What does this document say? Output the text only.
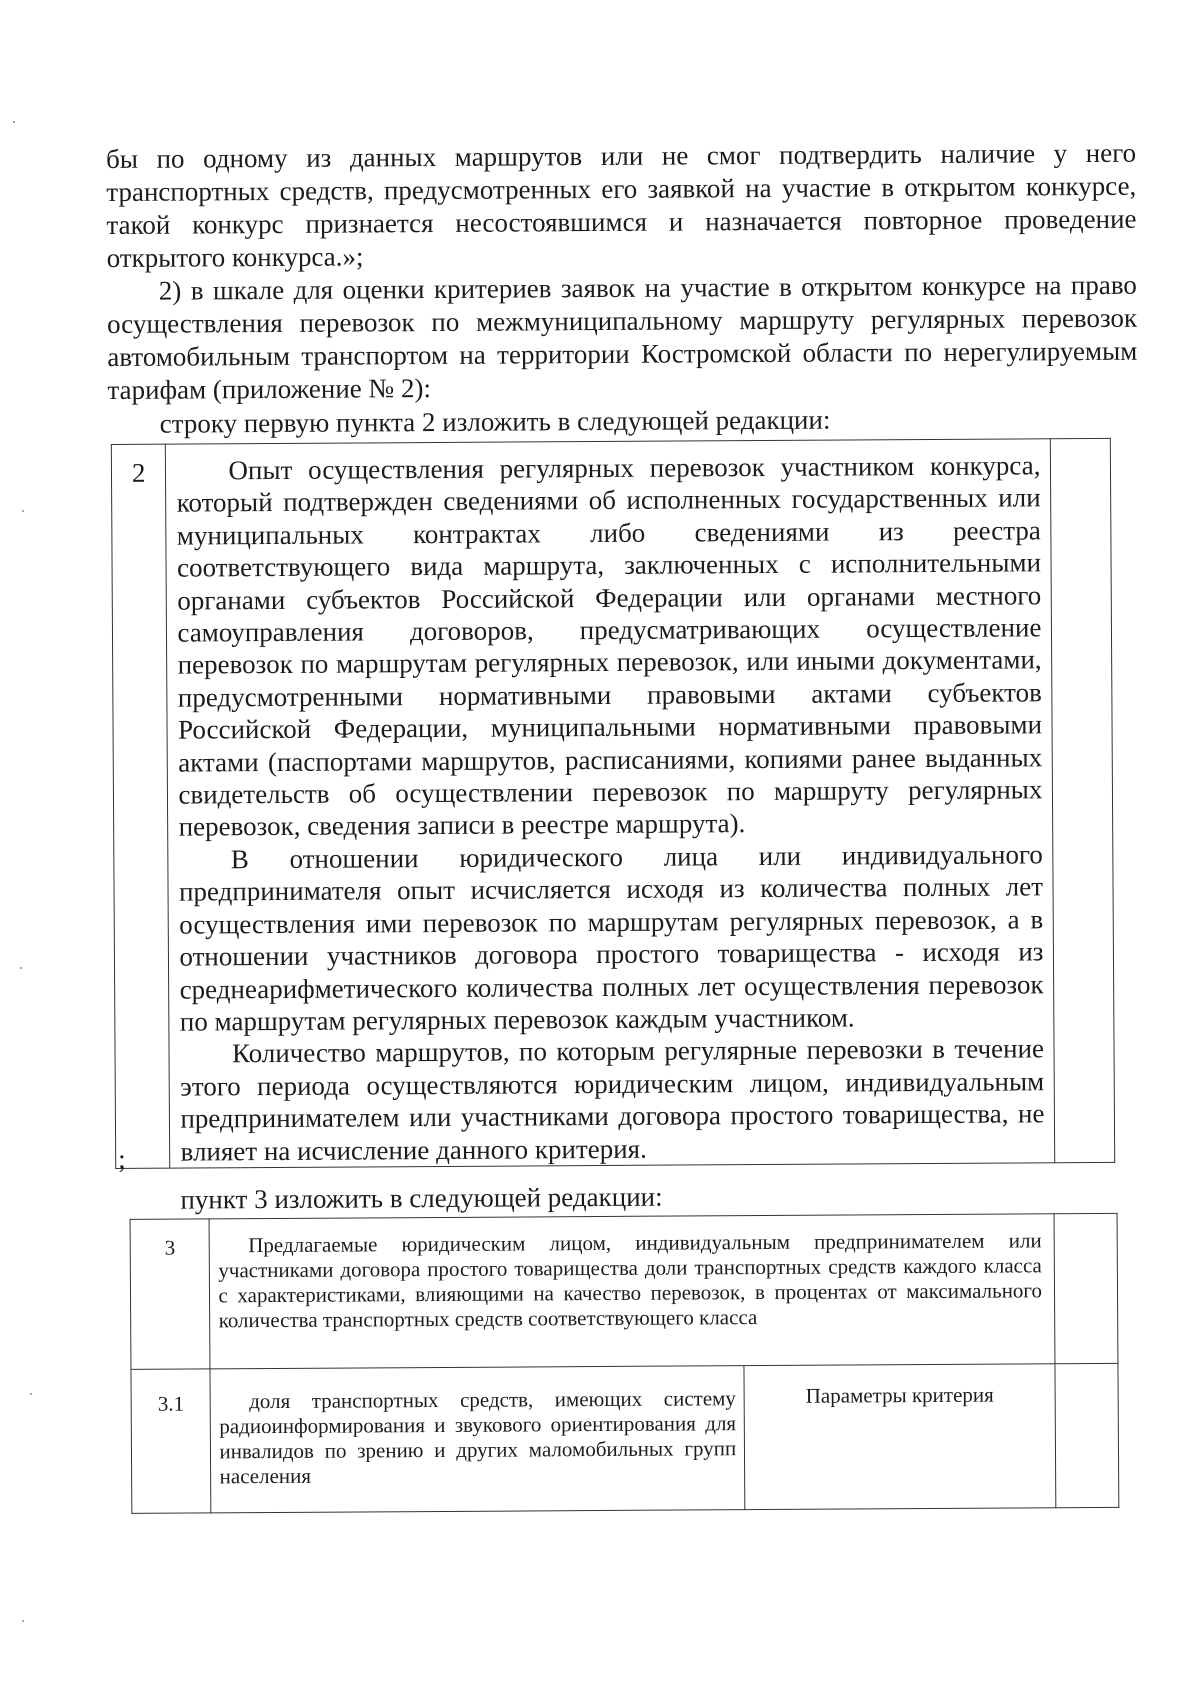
бы по одному из данных маршрутов или не смог подтвердить наличие у него транспортных средств, предусмотренных его заявкой на участие в открытом конкурсе, такой конкурс признается несостоявшимся и назначается повторное проведение открытого конкурса.»;
2) в шкале для оценки критериев заявок на участие в открытом конкурсе на право осуществления перевозок по межмуниципальному маршруту регулярных перевозок автомобильным транспортом на территории Костромской области по нерегулируемым тарифам (приложение № 2):
строку первую пункта 2 изложить в следующей редакции:
2	Опыт осуществления регулярных перевозок участником конкурса, который подтвержден сведениями об исполненных государственных или муниципальных контрактах либо сведениями из реестра соответствующего вида маршрута, заключенных с исполнительными органами субъектов Российской Федерации или органами местного самоуправления договоров, предусматривающих осуществление перевозок по маршрутам регулярных перевозок, или иными документами, предусмотренными нормативными правовыми актами субъектов Российской Федерации, муниципальными нормативными правовыми актами (паспортами маршрутов, расписаниями, копиями ранее выданных свидетельств об осуществлении перевозок по маршруту регулярных перевозок, сведения записи в реестре маршрута).

В отношении юридического лица или индивидуального предпринимателя опыт исчисляется исходя из количества полных лет осуществления ими перевозок по маршрутам регулярных перевозок, а в отношении участников договора простого товарищества - исходя из среднеарифметического количества полных лет осуществления перевозок по маршрутам регулярных перевозок каждым участником.

Количество маршрутов, по которым регулярные перевозки в течение этого периода осуществляются юридическим лицом, индивидуальным предпринимателем или участниками договора простого товарищества, не влияет на исчисление данного критерия.

;
пункт 3 изложить в следующей редакции:
3	Предлагаемые юридическим лицом, индивидуальным предпринимателем или участниками договора простого товарищества доли транспортных средств каждого класса с характеристиками, влияющими на качество перевозок, в процентах от максимального количества транспортных средств соответствующего класса		

3.1	доля транспортных средств, имеющих систему радиоинформирования и звукового ориентирования для инвалидов по зрению и других маломобильных групп населения	Параметры критерия	
